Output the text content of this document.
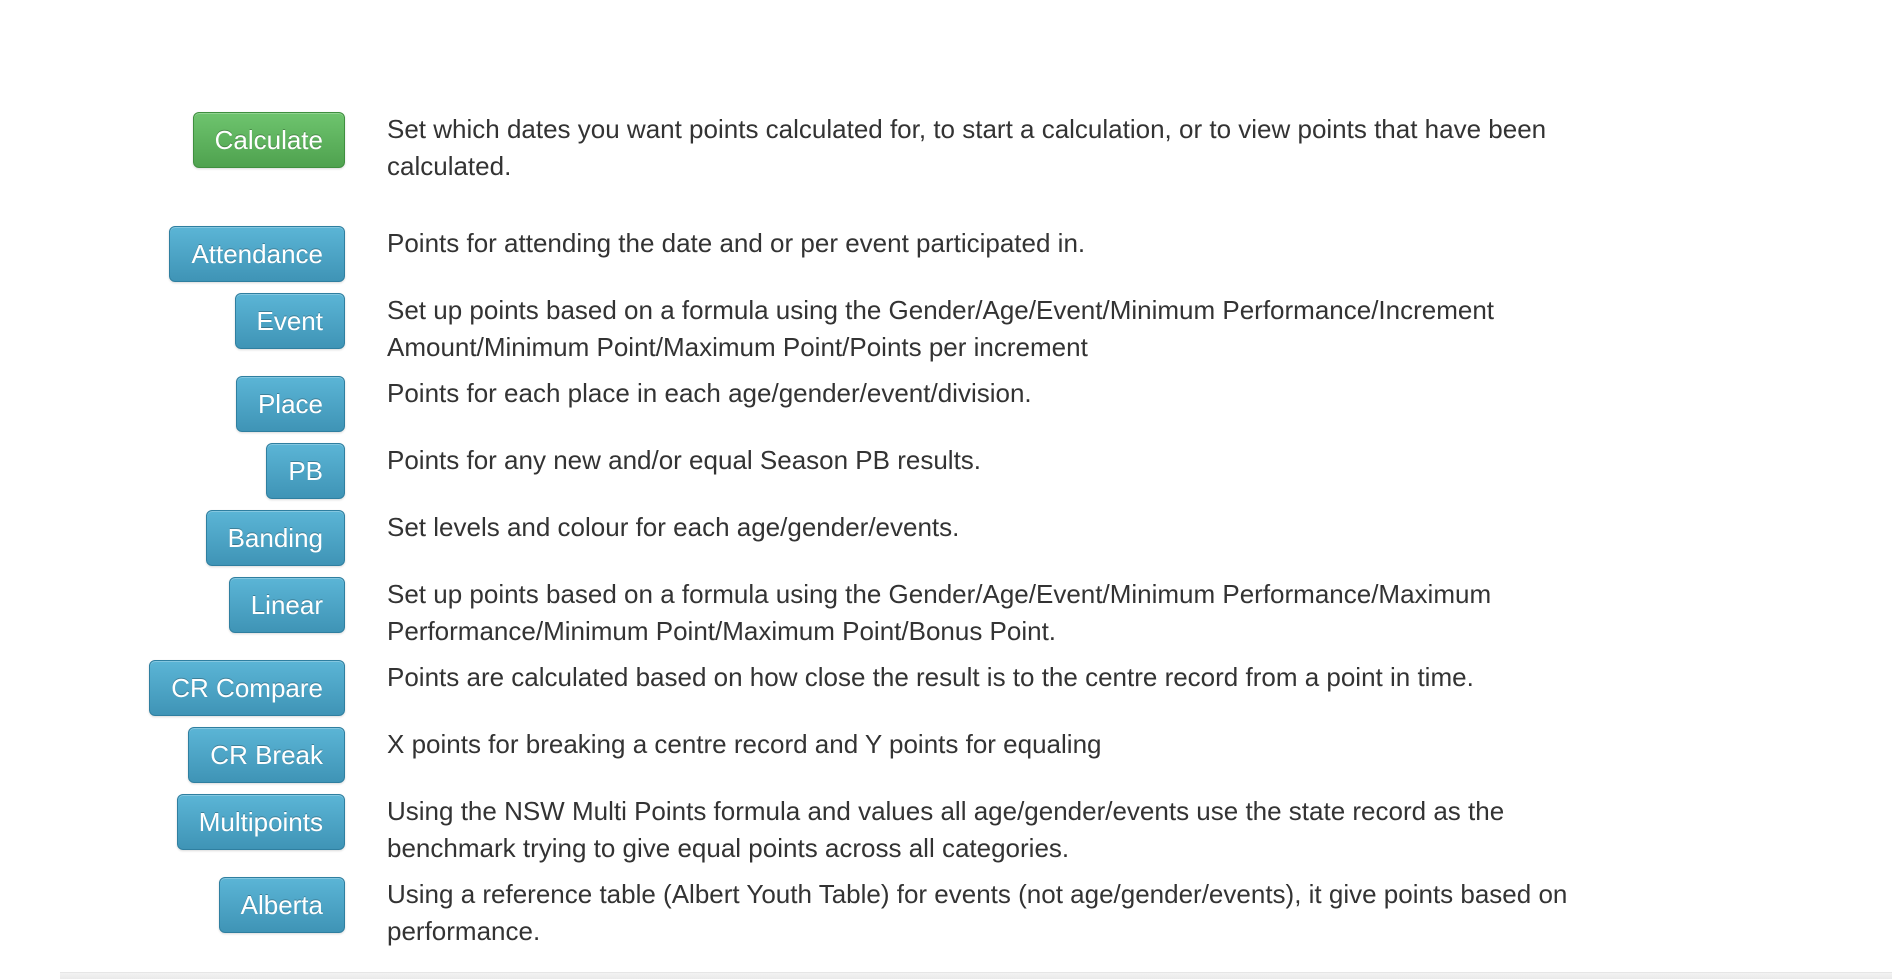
Calculate	Set which dates you want points calculated for, to start a calculation, or to view points that have been calculated.
Attendance	Points for attending the date and or per event participated in.
Event	Set up points based on a formula using the Gender/Age/Event/Minimum Performance/Increment Amount/Minimum Point/Maximum Point/Points per increment
Place	Points for each place in each age/gender/event/division.
PB	Points for any new and/or equal Season PB results.
Banding	Set levels and colour for each age/gender/events.
Linear	Set up points based on a formula using the Gender/Age/Event/Minimum Performance/Maximum Performance/Minimum Point/Maximum Point/Bonus Point.
CR Compare	Points are calculated based on how close the result is to the centre record from a point in time.
CR Break	X points for breaking a centre record and Y points for equaling
Multipoints	Using the NSW Multi Points formula and values all age/gender/events use the state record as the benchmark trying to give equal points across all categories.
Alberta	Using a reference table (Albert Youth Table) for events (not age/gender/events), it give points based on performance.
